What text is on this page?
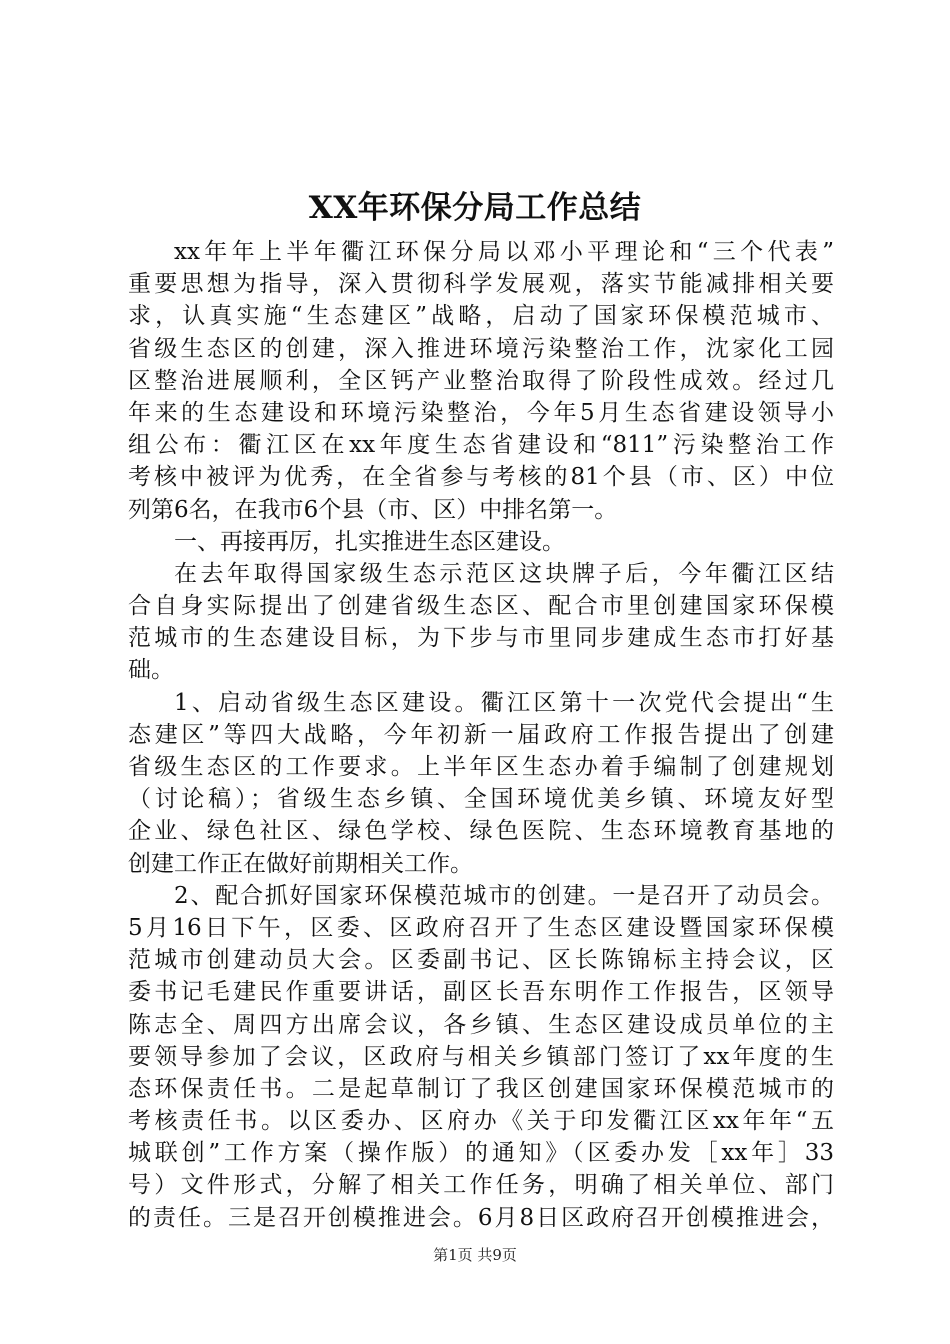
XX年环保分局工作总结
xx年年上半年衢江环保分局以邓小平理论和“三个代表”
重要思想为指导，深入贯彻科学发展观，落实节能减排相关要
求，认真实施“生态建区”战略，启动了国家环保模范城市、
省级生态区的创建，深入推进环境污染整治工作，沈家化工园
区整治进展顺利，全区钙产业整治取得了阶段性成效。经过几
年来的生态建设和环境污染整治，今年5月生态省建设领导小
组公布：衢江区在xx年度生态省建设和“811”污染整治工作
考核中被评为优秀，在全省参与考核的81个县（市、区）中位
列第6名，在我市6个县（市、区）中排名第一。
一、再接再厉，扎实推进生态区建设。
在去年取得国家级生态示范区这块牌子后，今年衢江区结
合自身实际提出了创建省级生态区、配合市里创建国家环保模
范城市的生态建设目标，为下步与市里同步建成生态市打好基
础。
1、启动省级生态区建设。衢江区第十一次党代会提出“生
态建区”等四大战略，今年初新一届政府工作报告提出了创建
省级生态区的工作要求。上半年区生态办着手编制了创建规划
（讨论稿）；省级生态乡镇、全国环境优美乡镇、环境友好型
企业、绿色社区、绿色学校、绿色医院、生态环境教育基地的
创建工作正在做好前期相关工作。
2、配合抓好国家环保模范城市的创建。一是召开了动员会。
5月16日下午，区委、区政府召开了生态区建设暨国家环保模
范城市创建动员大会。区委副书记、区长陈锦标主持会议，区
委书记毛建民作重要讲话，副区长吾东明作工作报告，区领导
陈志全、周四方出席会议，各乡镇、生态区建设成员单位的主
要领导参加了会议，区政府与相关乡镇部门签订了xx年度的生
态环保责任书。二是起草制订了我区创建国家环保模范城市的
考核责任书。以区委办、区府办《关于印发衢江区xx年年“五
城联创”工作方案（操作版）的通知》（区委办发［xx年］33
号）文件形式，分解了相关工作任务，明确了相关单位、部门
的责任。三是召开创模推进会。6月8日区政府召开创模推进会，
第1页 共9页
